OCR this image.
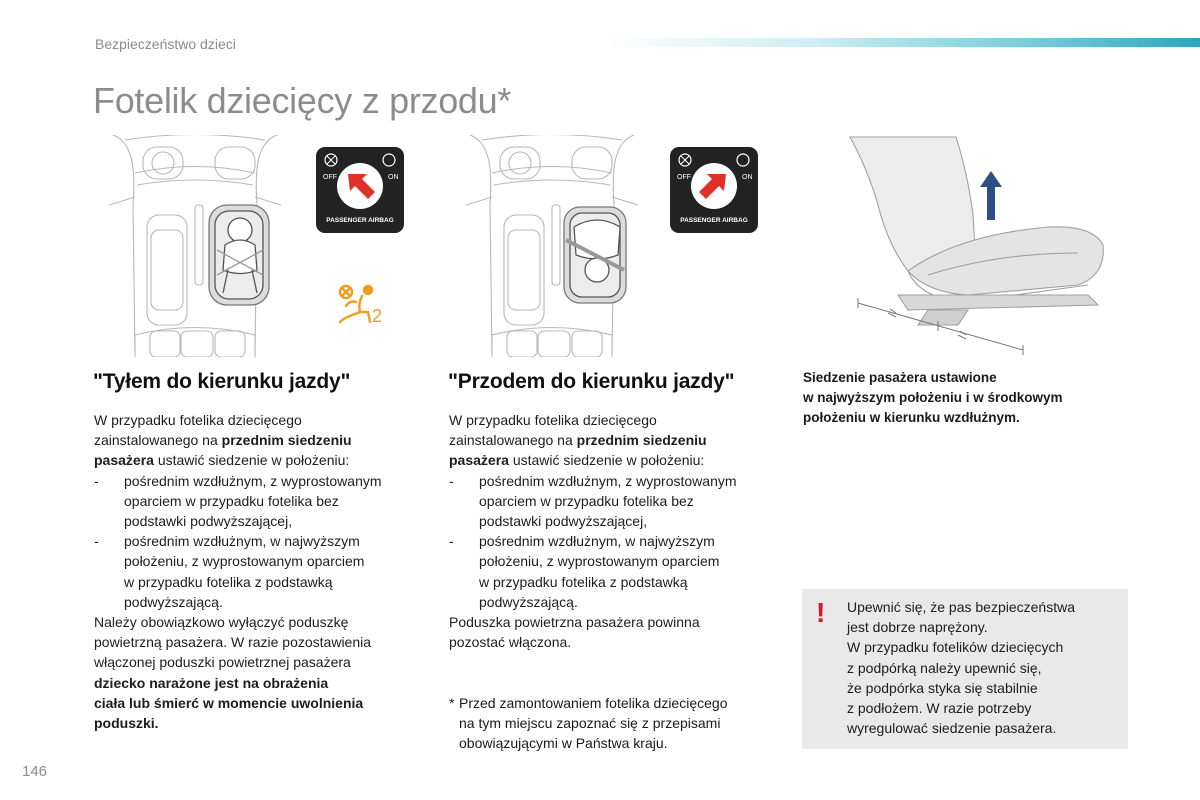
Bezpieczeństwo dzieci
Fotelik dziecięcy z przodu*
OFF	ON
PASSENGER AIRBAG
2
OFF	ON
PASSENGER AIRBAG
"Tyłem do kierunku jazdy"

W przypadku fotelika dziecięcego

zainstalowanego na przednim siedzeniu

pasażera ustawić siedzenie w położeniu:

- pośrednim wzdłużnym, z wyprostowanym

oparciem w przypadku fotelika bez

podstawki podwyższającej,

- pośrednim wzdłużnym, w najwyższym

położeniu, z wyprostowanym oparciem

w przypadku fotelika z podstawką

podwyższającą.

Należy obowiązkowo wyłączyć poduszkę

powietrzną pasażera. W razie pozostawienia

włączonej poduszki powietrznej pasażera

dziecko narażone jest na obrażenia

ciała lub śmierć w momencie uwolnienia

poduszki.

"Przodem do kierunku jazdy"

W przypadku fotelika dziecięcego

zainstalowanego na przednim siedzeniu

pasażera ustawić siedzenie w położeniu:

- pośrednim wzdłużnym, z wyprostowanym

oparciem w przypadku fotelika bez

podstawki podwyższającej,

- pośrednim wzdłużnym, w najwyższym

położeniu, z wyprostowanym oparciem

w przypadku fotelika z podstawką

podwyższającą.

Poduszka powietrzna pasażera powinna

pozostać włączona.

* Przed zamontowaniem fotelika dziecięcego

na tym miejscu zapoznać się z przepisami

obowiązującymi w Państwa kraju.

Siedzenie pasażera ustawione

w najwyższym położeniu i w środkowym

położeniu w kierunku wzdłużnym.

! Upewnić się, że pas bezpieczeństwa

jest dobrze naprężony.

W przypadku fotelików dziecięcych

z podpórką należy upewnić się,

że podpórka styka się stabilnie

z podłożem. W razie potrzeby

wyregulować siedzenie pasażera.

146
